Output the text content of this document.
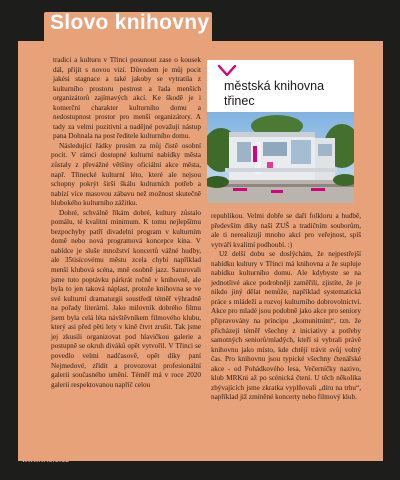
Slovo knihovny

tradici a kulturu v Třinci posunout zase o kousek dál, přijít s novou vizí. Důvodem je můj pocit jakési stagnace a také jakoby se vytratila z kulturního prostoru pestrost a řada menších organizátorů zajímavých akcí. Ke škodě je i komerční charakter kulturního domu a nedostupnost prostor pro menší organizátory. A tady za velmi pozitivní a nadějné považuji nástup pana Dohnala na post ředitele kulturního domu.

Následující řádky prosím za můj čistě osobní pocit. V rámci dostupné kulturní nabídky města zůstaly z převážné většiny oficiální akce města, např. Třinecké kulturní léto, které ale nejsou schopny pokrýt širší škálu kulturních potřeb a nabízí více masovou zábavu než možnost skutečně hlubokého kulturního zážitku.

Dobré, schválně říkám dobré, kultury zůstalo pomálu, té kvalitní minimum. K tomu nejlepšímu bezpochyby patří divadelní program v kulturním domě nebo nová programová koncepce kina. V nabídce je sluše množství koncertů vážné hudby, ale 35tisícovému městu zcela chybí například menší klubová scéna, mně osobně jazz. Saturovali jsme tuto poptávku párkrát ročně v knihovně, ale byla to jen taková náplast, protože knihovna se ve své kulturní dramaturgii soustředí téměř výhradně na pořady literární. Jako milovník dobrého filmu jsem byla celá léta návštěvníkem filmového klubu, který asi před pěti lety v kině čtvrt zrušit. Tak jsme jej zkusili organizovat pod hlavičkou galerie a postupně se okruh diváků opět vytvořil. V Třinci se povedlo velmi nadčasově, opět díky paní Nejmedové, zřídit a provozovat profesionální galerii současného umění. Téměř má v roce 2020 galerii respektovanou napříč celou

městská knihovna
třinec

republikou. Velmi dobře se daří folkloru a hudbě, především díky naší ZUŠ a tradičním souborům, ale ti nerealizují mnoho akcí pro veřejnost, spíš vytváří kvalitní podhoubí. :)

Už delší dobu se doslýchám, že nejpestřejší nabídku kultury v Třinci má knihovna a že suplujе nabídku kulturního domu. Ale kdybyste se na jednotlivé akce podrobněji zaměřili, zjistíte, že je nikdo jiný dělat nemůže, například systematická práce s mládeží a rozvoj kulturního dobrovolnictví. Akce pro mladé jsou podobně jako akce pro seniory připravovány na principu „komunitním“, tzn. že přicházejí téměř všechny z iniciativy a potřeby samotných seniorů/mladých, kteří si vybrali právě knihovnu jako místo, kde chtějí trávit svůj volný čas. Pro knihovnu jsou typické všechny čtenářské akce - od Pohádkového lesa, Večerníčky nazivo, klub MRKni až po scénická čtení. U těch několika zbývajících jsme zkratka vyplňovali „díru na trhu“, například již zmíněné koncerty nebo filmový klub.

www.trisio.cz
